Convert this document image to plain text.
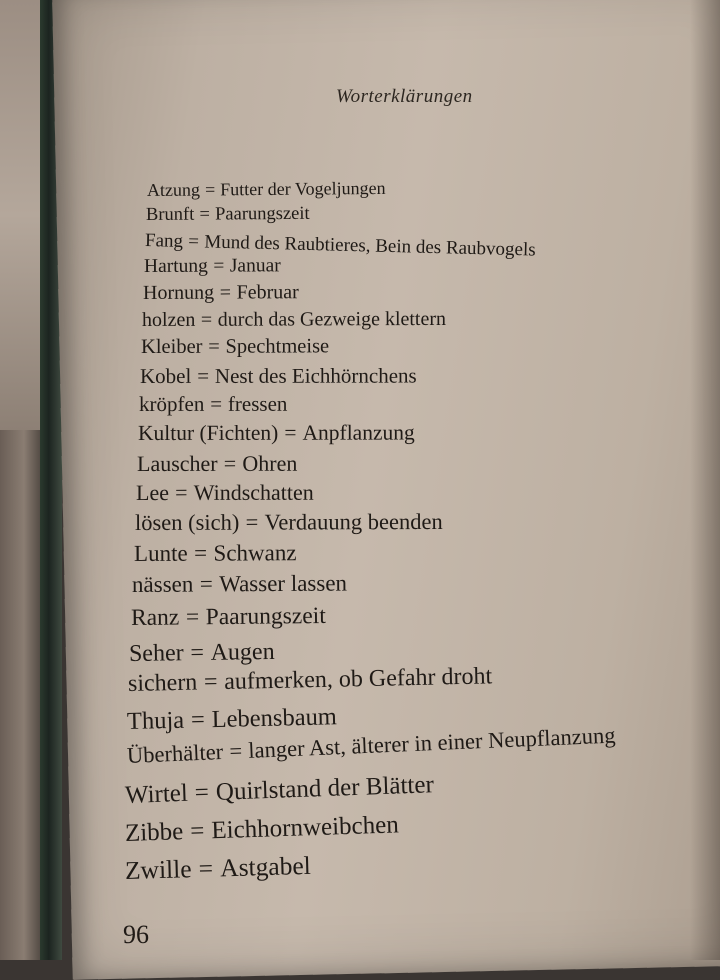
Worterklärungen
Atzung = Futter der Vogeljungen
Brunft = Paarungszeit
Fang = Mund des Raubtieres, Bein des Raubvogels
Hartung = Januar
Hornung = Februar
holzen = durch das Gezweige klettern
Kleiber = Spechtmeise
Kobel = Nest des Eichhörnchens
kröpfen = fressen
Kultur (Fichten) = Anpflanzung
Lauscher = Ohren
Lee = Windschatten
lösen (sich) = Verdauung beenden
Lunte = Schwanz
nässen = Wasser lassen
Ranz = Paarungszeit
Seher = Augen
sichern = aufmerken, ob Gefahr droht
Thuja = Lebensbaum
Überhälter = langer Ast, älterer in einer Neupflanzung
Wirtel = Quirlstand der Blätter
Zibbe = Eichhornweibchen
Zwille = Astgabel
96
